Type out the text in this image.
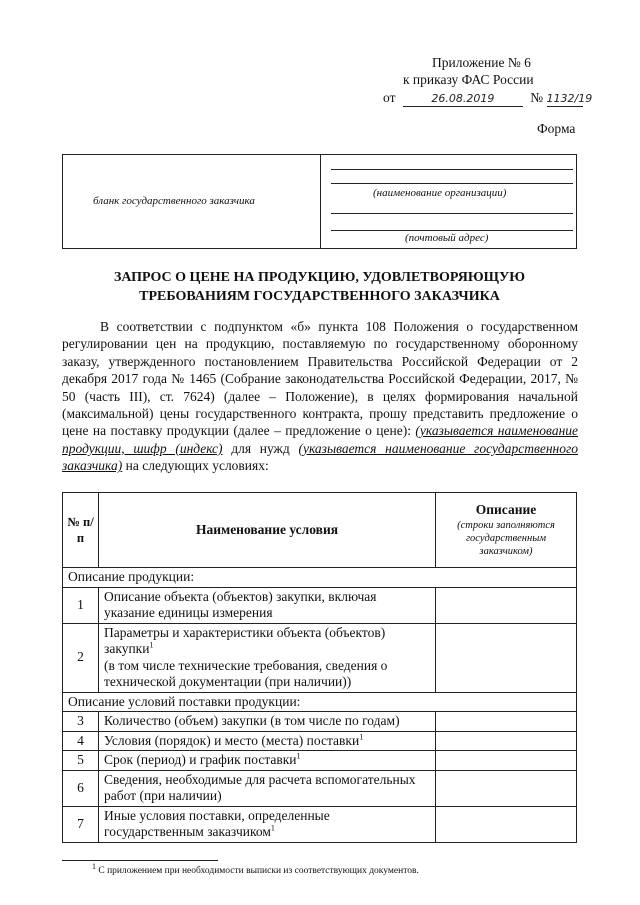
Приложение № 6
к приказу ФАС России
от	26.08.2019	№ 1132/19
Форма
бланк государственного заказчика
(наименование организации)
(почтовый адрес)
ЗАПРОС О ЦЕНЕ НА ПРОДУКЦИЮ, УДОВЛЕТВОРЯЮЩУЮ
ТРЕБОВАНИЯМ ГОСУДАРСТВЕННОГО ЗАКАЗЧИКА
В соответствии с подпунктом «б» пункта 108 Положения о государственном регулировании цен на продукцию, поставляемую по государственному оборонному заказу, утвержденного постановлением Правительства Российской Федерации от 2 декабря 2017 года № 1465 (Собрание законодательства Российской Федерации, 2017, № 50 (часть III), ст. 7624) (далее – Положение), в целях формирования начальной (максимальной) цены государственного контракта, прошу представить предложение о цене на поставку продукции (далее – предложение о цене): (указывается наименование продукции, шифр (индекс) для нужд (указывается наименование государственного заказчика) на следующих условиях:
№ п/п	Наименование условия	Описание
(строки заполняются государственным заказчиком)

Описание продукции:		
1	Описание объекта (объектов) закупки, включая указание единицы измерения	
2	Параметры и характеристики объекта (объектов) закупки$^1$
(в том числе технические требования, сведения о технической документации (при наличии))	
Описание условий поставки продукции:		
3	Количество (объем) закупки (в том числе по годам)	
4	Условия (порядок) и место (места) поставки$^1$	
5	Срок (период) и график поставки$^1$	
6	Сведения, необходимые для расчета вспомогательных работ (при наличии)	
7	Иные условия поставки, определенные государственным заказчиком$^1$	
$^1$ С приложением при необходимости выписки из соответствующих документов.
